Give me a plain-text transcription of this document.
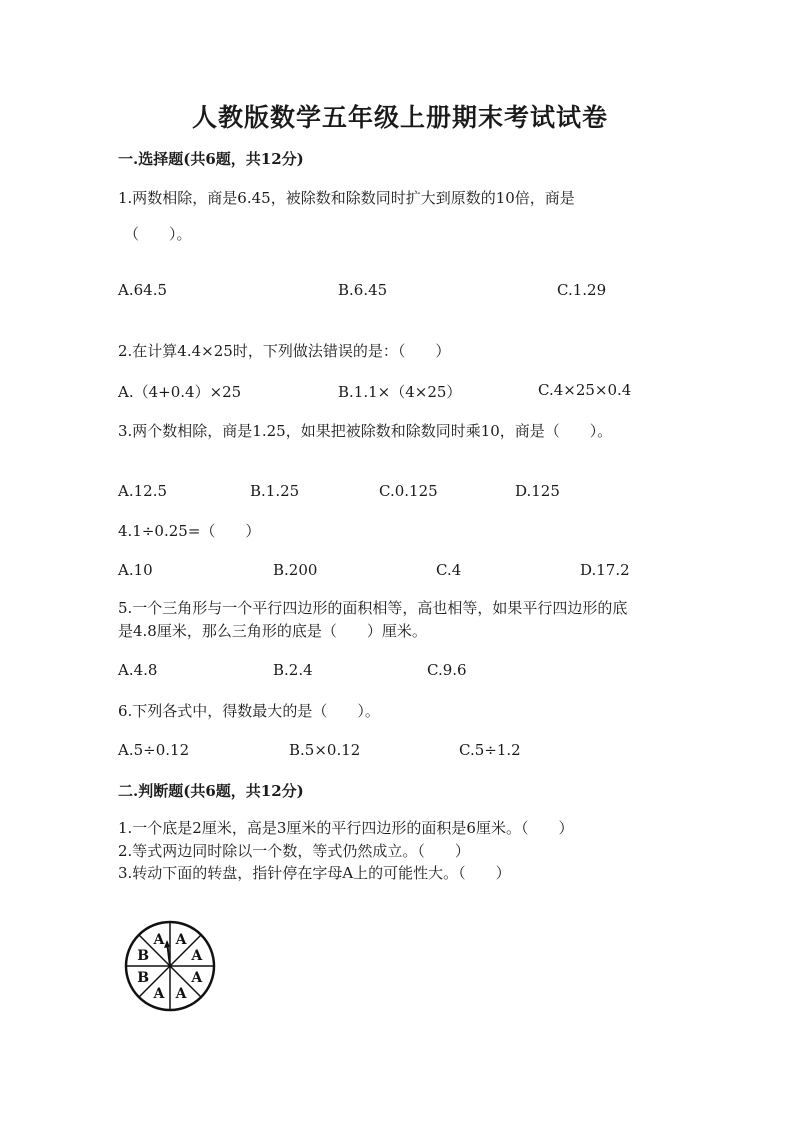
人教版数学五年级上册期末考试试卷
一.选择题(共6题，共12分)
1.两数相除，商是6.45，被除数和除数同时扩大到原数的10倍，商是
（　　）。
A.64.5	B.6.45	C.1.29
2.在计算4.4×25时，下列做法错误的是：（　　）
A.（4+0.4）×25	B.1.1×（4×25）	C.4×25×0.4
3.两个数相除，商是1.25，如果把被除数和除数同时乘10，商是（　　）。
A.12.5	B.1.25	C.0.125	D.125
4.1÷0.25=（　　）
A.10	B.200	C.4	D.17.2
5.一个三角形与一个平行四边形的面积相等，高也相等，如果平行四边形的底
是4.8厘米，那么三角形的底是（　　）厘米。
A.4.8	B.2.4	C.9.6
6.下列各式中，得数最大的是（　　）。
A.5÷0.12	B.5×0.12	C.5÷1.2
二.判断题(共6题，共12分)
1.一个底是2厘米，高是3厘米的平行四边形的面积是6厘米。（　　）
2.等式两边同时除以一个数，等式仍然成立。（　　）
3.转动下面的转盘，指针停在字母A上的可能性大。（　　）
A
A
A
A
A
B
B
A
